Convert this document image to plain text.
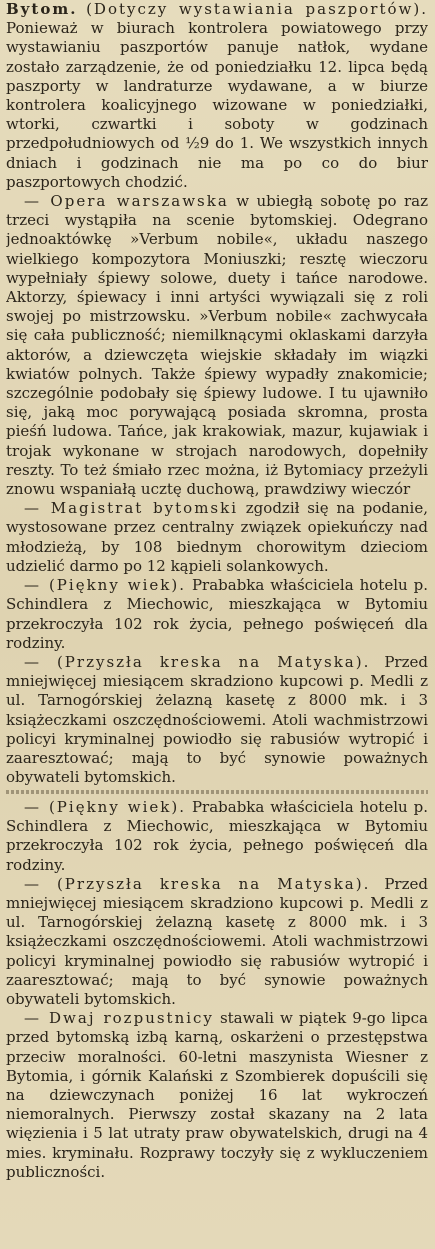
Bytom. (Dotyczy wystawiania paszportów). Ponieważ w biurach kontrolera powiatowego przy wystawianiu paszportów panuje natłok, wydane zostało zarządzenie, że od poniedziałku 12. lipca będą paszporty w landraturze wydawane, a w biurze kontrolera koalicyjnego wizowane w poniedziałki, wtorki, czwartki i soboty w godzinach przedpołudniowych od ½9 do 1. We wszystkich innych dniach i godzinach nie ma po co do biur paszportowych chodzić.

— Opera warszawska w ubiegłą sobotę po raz trzeci wystąpiła na scenie bytomskiej. Odegrano jednoaktówkę »Verbum nobile«, układu naszego wielkiego kompozytora Moniuszki; resztę wieczoru wypełniały śpiewy solowe, duety i tańce narodowe. Aktorzy, śpiewacy i inni artyści wywiązali się z roli swojej po mistrzowsku. »Verbum nobile« zachwycała się cała publiczność; niemilknącymi oklaskami darzyła aktorów, a dziewczęta wiejskie składały im wiązki kwiatów polnych. Także śpiewy wypadły znakomicie; szczególnie podobały się śpiewy ludowe. I tu ujawniło się, jaką moc porywającą posiada skromna, prosta pieśń ludowa. Tańce, jak krakowiak, mazur, kujawiak i trojak wykonane w strojach narodowych, dopełniły reszty. To też śmiało rzec można, iż Bytomiacy przeżyli znowu wspaniałą ucztę duchową, prawdziwy wieczór

— Magistrat bytomski zgodził się na podanie, wystosowane przez centralny związek opiekuńczy nad młodzieżą, by 108 biednym chorowitym dzieciom udzielić darmo po 12 kąpieli solankowych.

— (Piękny wiek). Prababka właściciela hotelu p. Schindlera z Miechowic, mieszkająca w Bytomiu przekroczyła 102 rok życia, pełnego poświęceń dla rodziny.

— (Przyszła kreska na Matyska). Przed mniejwięcej miesiącem skradziono kupcowi p. Medli z ul. Tarnogórskiej żelazną kasetę z 8000 mk. i 3 książeczkami oszczędnościowemi. Atoli wachmistrzowi policyi kryminalnej powiodło się rabusiów wytropić i zaaresztować; mają to być synowie poważnych obywateli bytomskich.

— (Piękny wiek). Prababka właściciela hotelu p. Schindlera z Miechowic, mieszkająca w Bytomiu przekroczyła 102 rok życia, pełnego poświęceń dla rodziny.

— (Przyszła kreska na Matyska). Przed mniejwięcej miesiącem skradziono kupcowi p. Medli z ul. Tarnogórskiej żelazną kasetę z 8000 mk. i 3 książeczkami oszczędnościowemi. Atoli wachmistrzowi policyi kryminalnej powiodło się rabusiów wytropić i zaaresztować; mają to być synowie poważnych obywateli bytomskich.

— Dwaj rozpustnicy stawali w piątek 9-go lipca przed bytomską izbą karną, oskarżeni o przestępstwa przeciw moralności. 60-letni maszynista Wiesner z Bytomia, i górnik Kalański z Szombierek dopuścili się na dziewczynach poniżej 16 lat wykroczeń niemoralnych. Pierwszy został skazany na 2 lata więzienia i 5 lat utraty praw obywatelskich, drugi na 4 mies. kryminału. Rozprawy toczyły się z wykluczeniem publiczności.
